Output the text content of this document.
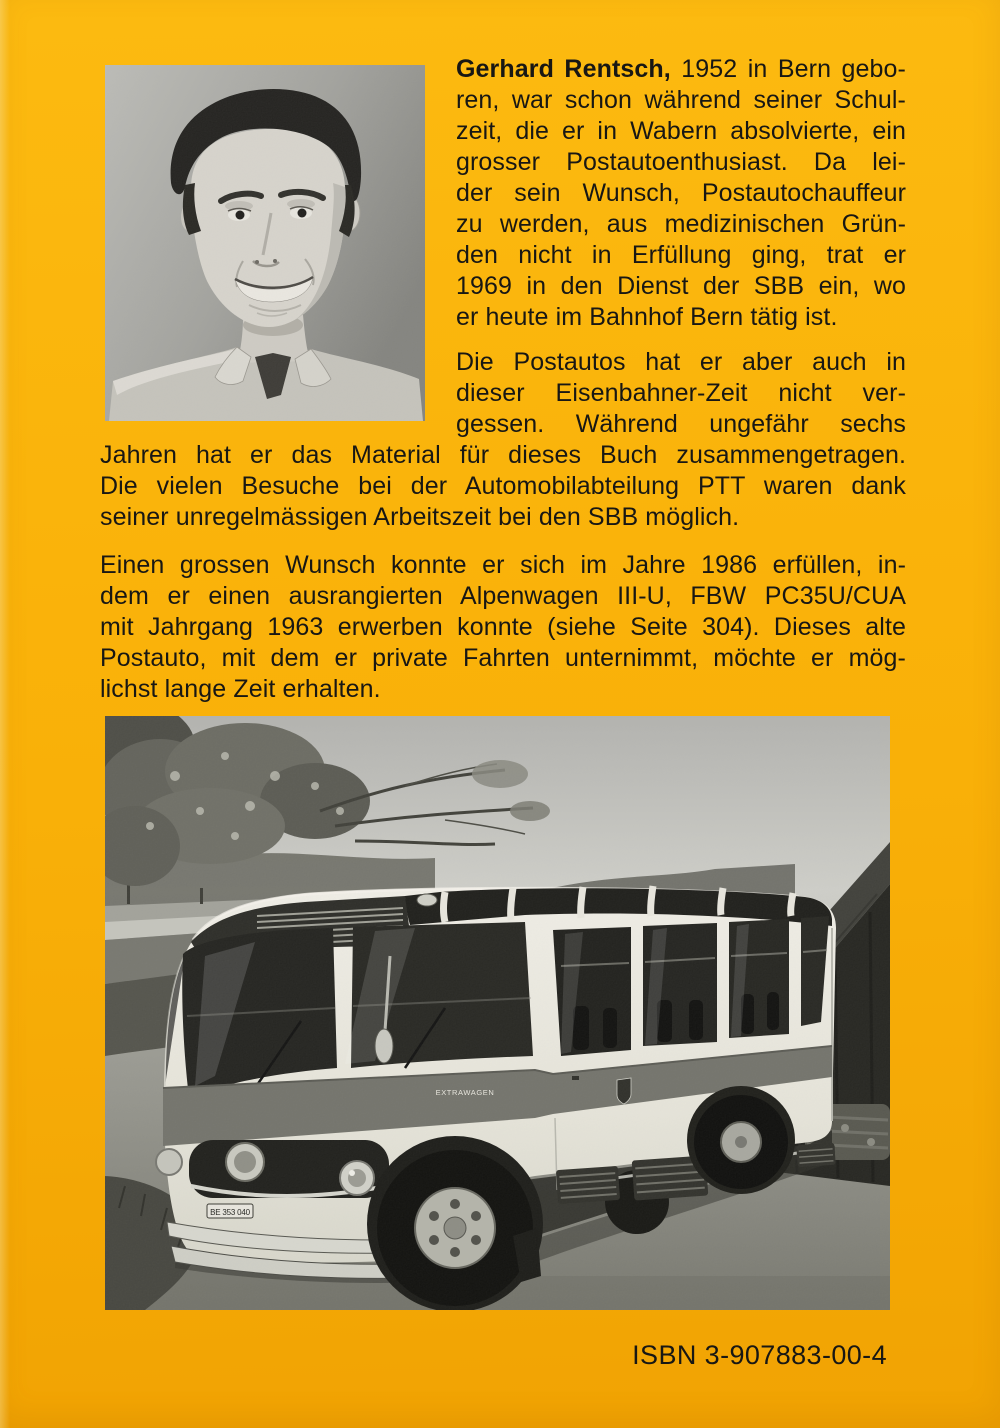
Gerhard Rentsch, 1952 in Bern gebo-
ren, war schon während seiner Schul-
zeit, die er in Wabern absolvierte, ein
grosser Postautoenthusiast. Da lei-
der sein Wunsch, Postautochauffeur
zu werden, aus medizinischen Grün-
den nicht in Erfüllung ging, trat er
1969 in den Dienst der SBB ein, wo
er heute im Bahnhof Bern tätig ist.
Die Postautos hat er aber auch in
dieser Eisenbahner-Zeit nicht ver-
gessen. Während ungefähr sechs
Jahren hat er das Material für dieses Buch zusammengetragen.
Die vielen Besuche bei der Automobilabteilung PTT waren dank
seiner unregelmässigen Arbeitszeit bei den SBB möglich.
Einen grossen Wunsch konnte er sich im Jahre 1986 erfüllen, in-
dem er einen ausrangierten Alpenwagen III-U, FBW PC35U/CUA
mit Jahrgang 1963 erwerben konnte (siehe Seite 304). Dieses alte
Postauto, mit dem er private Fahrten unternimmt, möchte er mög-
lichst lange Zeit erhalten.
EXTRAWAGEN
BE 353 040
ISBN 3-907883-00-4
